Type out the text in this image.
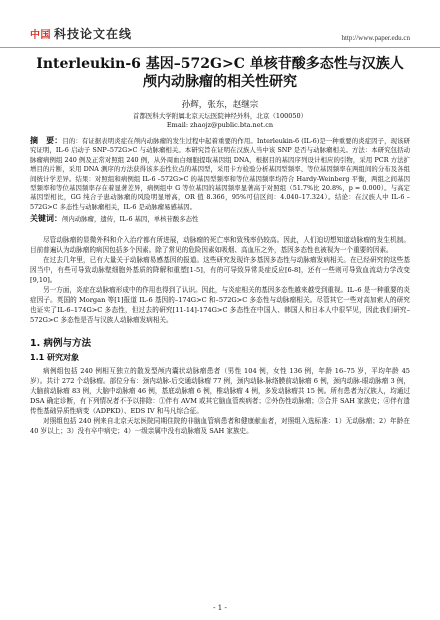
中国 科技论文在线	http://www.paper.edu.cn
Interleukin-6 基因–572G>C 单核苷酸多态性与汉族人
颅内动脉瘤的相关性研究
孙辉，张东，赵继宗
首都医科大学附属北京天坛医院神经外科，北京（100050）
Email: zhaojz@public.bta.net.cn
摘　要：目的：有证据表明炎症在颅内动脉瘤的发生过程中起着重要的作用。Interleukin-6 (IL-6)是一种重要的炎症因子，现该研究证明，IL-6 启动子 SNP–572G>C 与动脉瘤相关。本研究旨在证明在汉族人当中该 SNP 是否与动脉瘤相关。方法：本研究包括动脉瘤病例组 240 例及正常对照组 240 例，从外周血白细胞提取基因组 DNA，根据目的基因序列设计相应的引物，采用 PCR 方法扩增目的片断，采用 DNA 测序的方法获得该多态性位点的基因型，采用卡方检验分析基因型频率、等位基因频率在两组间的分布及各组间统计学差异。结果：对照组和病例组 IL-6 –572G>C 的基因型频率和等位基因频率均符合 Hardy-Weinberg 平衡，两组之间基因型频率和等位基因频率存在着显著差异，病例组中 G 等位基因的基因频率显著高于对照组（51.7%比 20.8%，p = 0.000）。与高定基因型相比，GG 纯合子患动脉瘤的风险明显增高，OR 值 8.366，95%可信区间：4.040–17.324）。结论：在汉族人中 IL-6 –572G>C 多态性与动脉瘤相关，IL-6 是动脉瘤易感基因。
关键词：颅内动脉瘤，遗传，IL-6 基因，单核苷酸多态性

尽管动脉瘤的显微外科和介入治疗都有所进展，动脉瘤的死亡率和致残率仍较高。因此，人们迫切想知道动脉瘤的发生机制。目前普遍认为动脉瘤的病因包括多个因素。除了常见的危险因素如吸烟、高血压之外，基因多态性也被视为一个重要的因素。

在过去几年里，已有大量关于动脉瘤易感基因的报道。这些研究发现许多基因多态性与动脉瘤发病相关。在已经研究的这些基因当中，有些可导致动脉壁细胞外基质的降解和重塑[1-5]，有的可导致异常炎症反应[6-8]，还有一些则可导致血流动力学改变[9,10]。

另一方面，炎症在动脉瘤形成中的作用也得到了认识。因此，与炎症相关的基因多态性越来越受到重视。IL–6 是一种重要的炎症因子。英国的 Morgan 等[1]报道 IL-6 基因的–174G>C 和–572G>C 多态性与动脉瘤相关。尽管其它一些对高加索人的研究也证实了IL-6–174G>C 多态性，但过去的研究[11-14]-174G>C 多态性在中国人、韩国人和日本人中很罕见，因此我们研究–572G>C 多态性是否与汉族人动脉瘤发病相关。

1. 病例与方法
1.1 研究对象

病例组包括 240 例相互独立的散发型颅内囊状动脉瘤患者（男性 104 例，女性 136 例，年龄 16–75 岁，平均年龄 45 岁）。共计 272 个动脉瘤。部位分布：颈内动脉-后交通动脉瘤 77 例，颈内动脉-脉络膜前动脉瘤 6 例，颈内动脉-眼动脉瘤 3 例，大脑前动脉瘤 83 例，大脑中动脉瘤 46 例，基底动脉瘤 6 例，椎动脉瘤 4 例，多发动脉瘤共 15 例。所有患者为汉族人，均通过 DSA 确定诊断，有下列情况者不予以排除：①伴有 AVM 或其它脑血管疾病者；②外伤性动脉瘤；③合并 SAH 家族史；④伴有遗传性基础异质性病变（ADPKD）、EDS IV 和马凡综合征。

对照组包括 240 例来自北京天坛医院同期住院的非脑血管病患者和健康献血者，对照组入选标准：1）无动脉瘤；2）年龄在 40 岁以上；3）没有卒中病史；4）一级亲属中没有动脉瘤及 SAH 家族史。

- 1 -
